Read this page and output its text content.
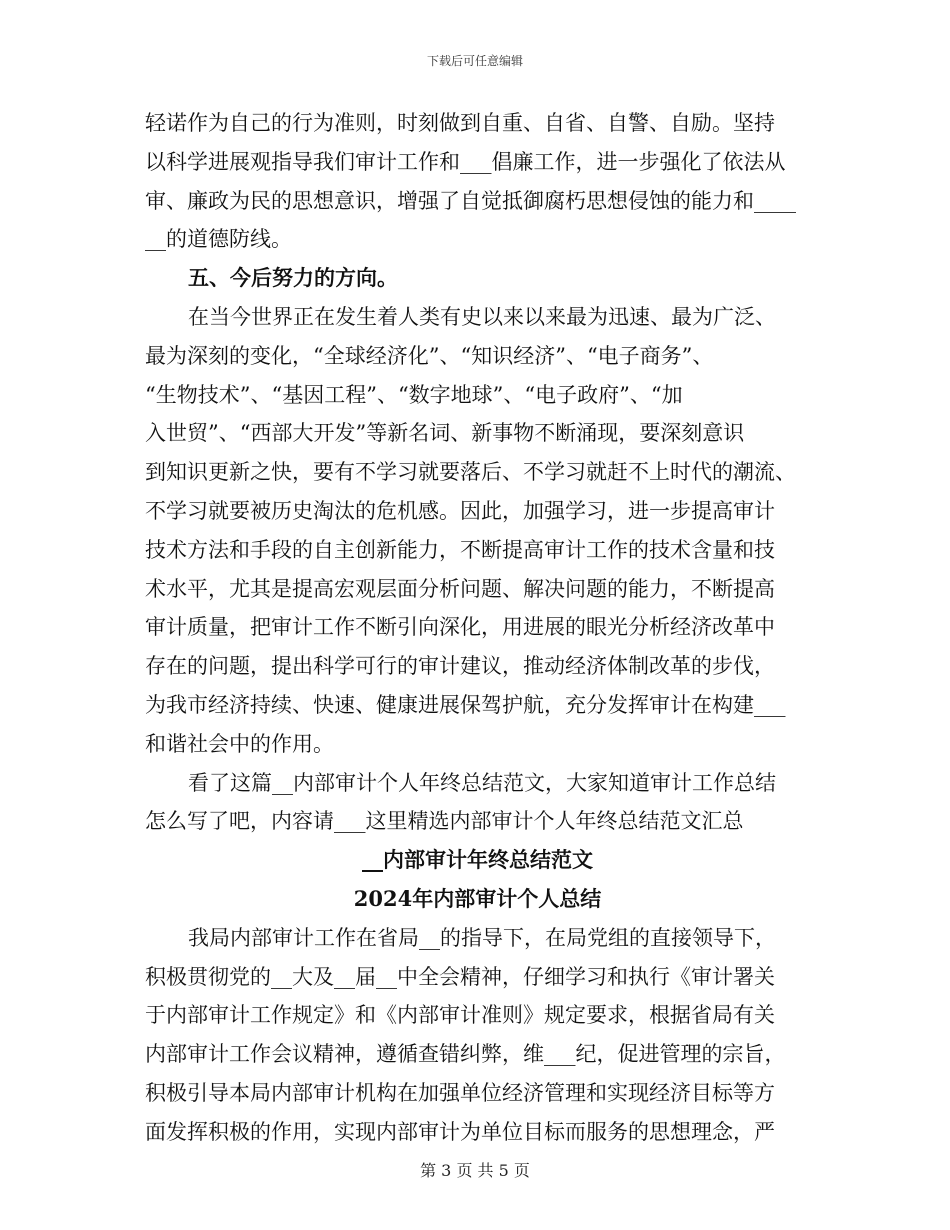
下载后可任意编辑
轻诺作为自己的行为准则，时刻做到自重、自省、自警、自励。坚持
以科学进展观指导我们审计工作和___倡廉工作，进一步强化了依法从
审、廉政为民的思想意识，增强了自觉抵御腐朽思想侵蚀的能力和____
__的道德防线。
五、今后努力的方向。
在当今世界正在发生着人类有史以来以来最为迅速、最为广泛、
最为深刻的变化，“全球经济化”、“知识经济”、“电子商务”、
“生物技术”、“基因工程”、“数字地球”、“电子政府”、“加
入世贸”、“西部大开发”等新名词、新事物不断涌现，要深刻意识
到知识更新之快，要有不学习就要落后、不学习就赶不上时代的潮流、
不学习就要被历史淘汰的危机感。因此，加强学习，进一步提高审计
技术方法和手段的自主创新能力，不断提高审计工作的技术含量和技
术水平，尤其是提高宏观层面分析问题、解决问题的能力，不断提高
审计质量，把审计工作不断引向深化，用进展的眼光分析经济改革中
存在的问题，提出科学可行的审计建议，推动经济体制改革的步伐，
为我市经济持续、快速、健康进展保驾护航，充分发挥审计在构建___
和谐社会中的作用。
看了这篇__内部审计个人年终总结范文，大家知道审计工作总结
怎么写了吧，内容请___这里精选内部审计个人年终总结范文汇总
__内部审计年终总结范文
2024年内部审计个人总结
我局内部审计工作在省局__的指导下，在局党组的直接领导下，
积极贯彻党的__大及__届__中全会精神，仔细学习和执行《审计署关
于内部审计工作规定》和《内部审计准则》规定要求，根据省局有关
内部审计工作会议精神，遵循查错纠弊，维___纪，促进管理的宗旨，
积极引导本局内部审计机构在加强单位经济管理和实现经济目标等方
面发挥积极的作用，实现内部审计为单位目标而服务的思想理念，严
第 3 页 共 5 页
